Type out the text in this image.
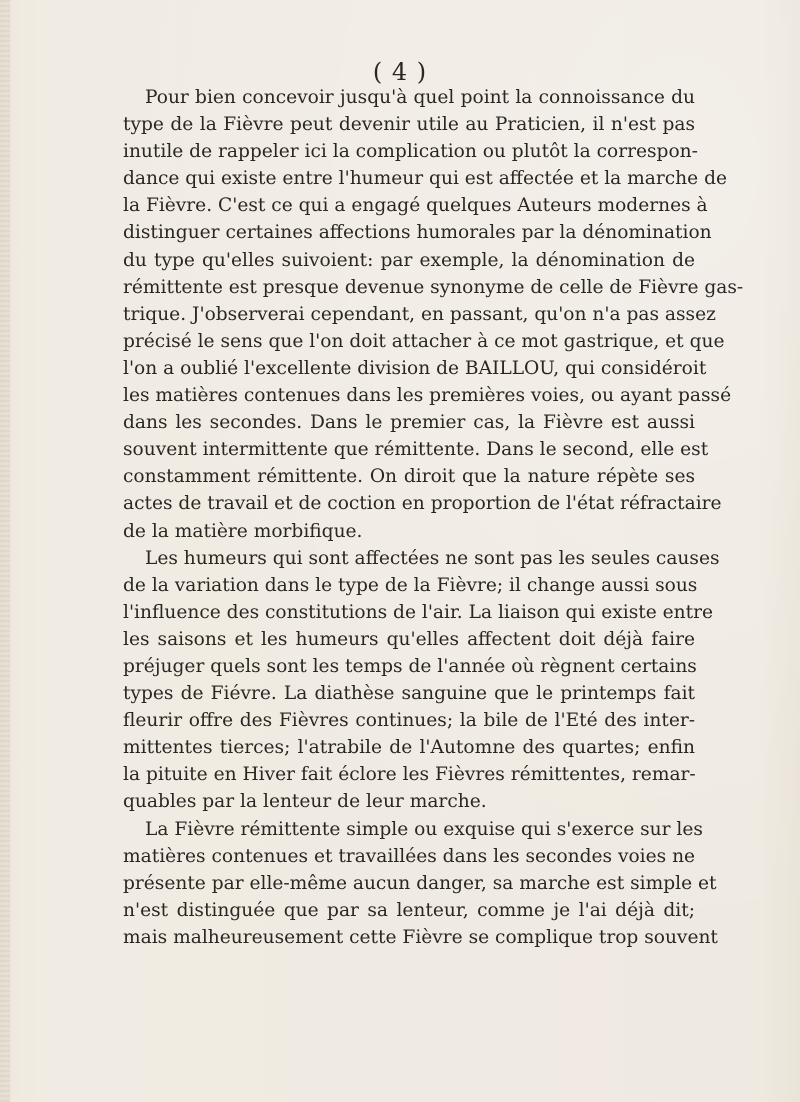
( 4 )
Pour bien concevoir jusqu'à quel point la connoissance du
type de la Fièvre peut devenir utile au Praticien, il n'est pas
inutile de rappeler ici la complication ou plutôt la correspon-
dance qui existe entre l'humeur qui est affectée et la marche de
la Fièvre. C'est ce qui a engagé quelques Auteurs modernes à
distinguer certaines affections humorales par la dénomination
du type qu'elles suivoient: par exemple, la dénomination de
rémittente est presque devenue synonyme de celle de Fièvre gas-
trique. J'observerai cependant, en passant, qu'on n'a pas assez
précisé le sens que l'on doit attacher à ce mot gastrique, et que
l'on a oublié l'excellente division de BAILLOU, qui considéroit
les matières contenues dans les premières voies, ou ayant passé
dans les secondes. Dans le premier cas, la Fièvre est aussi
souvent intermittente que rémittente. Dans le second, elle est
constamment rémittente. On diroit que la nature répète ses
actes de travail et de coction en proportion de l'état réfractaire
de la matière morbifique.
Les humeurs qui sont affectées ne sont pas les seules causes
de la variation dans le type de la Fièvre; il change aussi sous
l'influence des constitutions de l'air. La liaison qui existe entre
les saisons et les humeurs qu'elles affectent doit déjà faire
préjuger quels sont les temps de l'année où règnent certains
types de Fiévre. La diathèse sanguine que le printemps fait
fleurir offre des Fièvres continues; la bile de l'Eté des inter-
mittentes tierces; l'atrabile de l'Automne des quartes; enfin
la pituite en Hiver fait éclore les Fièvres rémittentes, remar-
quables par la lenteur de leur marche.
La Fièvre rémittente simple ou exquise qui s'exerce sur les
matières contenues et travaillées dans les secondes voies ne
présente par elle-même aucun danger, sa marche est simple et
n'est distinguée que par sa lenteur, comme je l'ai déjà dit;
mais malheureusement cette Fièvre se complique trop souvent
